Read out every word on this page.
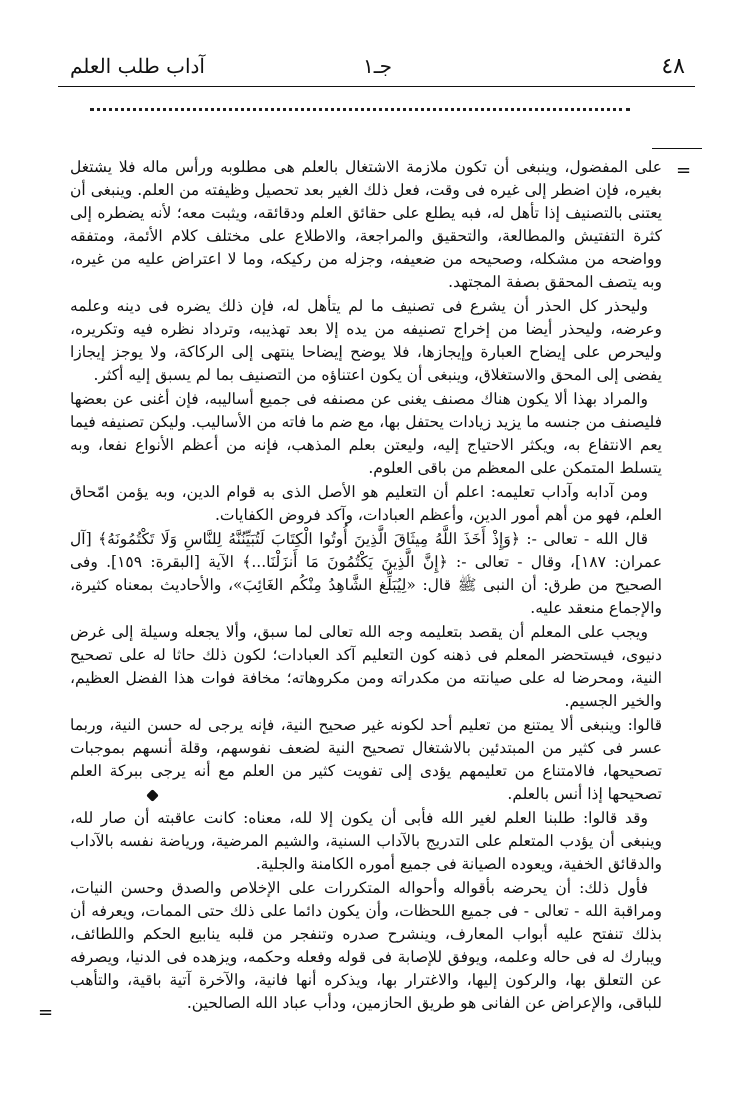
٤٨
جـ١
آداب طلب العلم
=

على المفضول، وينبغى أن تكون ملازمة الاشتغال بالعلم هى مطلوبه ورأس ماله فلا يشتغل بغيره، فإن اضطر إلى غيره فى وقت، فعل ذلك الغير بعد تحصيل وظيفته من العلم. وينبغى أن يعتنى بالتصنيف إذا تأهل له، فبه يطلع على حقائق العلم ودقائقه، ويثبت معه؛ لأنه يضطره إلى كثرة التفتيش والمطالعة، والتحقيق والمراجعة، والاطلاع على مختلف كلام الأئمة، ومتفقه وواضحه من مشكله، وصحيحه من ضعيفه، وجزله من ركيكه، وما لا اعتراض عليه من غيره، وبه يتصف المحقق بصفة المجتهد.

وليحذر كل الحذر أن يشرع فى تصنيف ما لم يتأهل له، فإن ذلك يضره فى دينه وعلمه وعرضه، وليحذر أيضا من إخراج تصنيفه من يده إلا بعد تهذيبه، وترداد نظره فيه وتكريره، وليحرص على إيضاح العبارة وإيجازها، فلا يوضح إيضاحا ينتهى إلى الركاكة، ولا يوجز إيجازا يفضى إلى المحق والاستغلاق، وينبغى أن يكون اعتناؤه من التصنيف بما لم يسبق إليه أكثر.

والمراد بهذا ألا يكون هناك مصنف يغنى عن مصنفه فى جميع أساليبه، فإن أغنى عن بعضها فليصنف من جنسه ما يزيد زيادات يحتفل بها، مع ضم ما فاته من الأساليب. وليكن تصنيفه فيما يعم الانتفاع به، ويكثر الاحتياج إليه، وليعتن بعلم المذهب، فإنه من أعظم الأنواع نفعا، وبه يتسلط المتمكن على المعظم من باقى العلوم.

ومن آدابه وآداب تعليمه: اعلم أن التعليم هو الأصل الذى به قوام الدين، وبه يؤمن امّحاق العلم، فهو من أهم أمور الدين، وأعظم العبادات، وآكد فروض الكفايات.

قال الله - تعالى -: ﴿وَإِذْ أَخَذَ اللَّهُ مِيثَاقَ الَّذِينَ أُوتُوا الْكِتَابَ لَتُبَيِّنُنَّهُ لِلنَّاسِ وَلَا تَكْتُمُونَهُ﴾ [آل عمران: ١٨٧]، وقال - تعالى -: ﴿إِنَّ الَّذِينَ يَكْتُمُونَ مَا أَنزَلْنَا...﴾ الآية [البقرة: ١٥٩]. وفى الصحيح من طرق: أن النبى ﷺ قال: «لِيُبَلِّغ الشَّاهِدُ مِنْكُم الغَائِبَ»، والأحاديث بمعناه كثيرة، والإجماع منعقد عليه.

ويجب على المعلم أن يقصد بتعليمه وجه الله تعالى لما سبق، وألا يجعله وسيلة إلى غرض دنيوى، فيستحضر المعلم فى ذهنه كون التعليم آكد العبادات؛ لكون ذلك حاثا له على تصحيح النية، ومحرضا له على صيانته من مكدراته ومن مكروهاته؛ مخافة فوات هذا الفضل العظيم، والخير الجسيم.

قالوا: وينبغى ألا يمتنع من تعليم أحد لكونه غير صحيح النية، فإنه يرجى له حسن النية، وربما عسر فى كثير من المبتدئين بالاشتغال تصحيح النية لضعف نفوسهم، وقلة أنسهم بموجبات تصحيحها، فالامتناع من تعليمهم يؤدى إلى تفويت كثير من العلم مع أنه يرجى ببركة العلم تصحيحها إذا أنس بالعلم.

وقد قالوا: طلبنا العلم لغير الله فأبى أن يكون إلا لله، معناه: كانت عاقبته أن صار لله، وينبغى أن يؤدب المتعلم على التدريج بالآداب السنية، والشيم المرضية، ورياضة نفسه بالآداب والدقائق الخفية، ويعوده الصيانة فى جميع أموره الكامنة والجلية.

فأول ذلك: أن يحرضه بأقواله وأحواله المتكررات على الإخلاص والصدق وحسن النيات، ومراقبة الله - تعالى - فى جميع اللحظات، وأن يكون دائما على ذلك حتى الممات، ويعرفه أن بذلك تنفتح عليه أبواب المعارف، وينشرح صدره وتنفجر من قلبه ينابيع الحكم واللطائف، ويبارك له فى حاله وعلمه، ويوفق للإصابة فى قوله وفعله وحكمه، ويزهده فى الدنيا، ويصرفه عن التعلق بها، والركون إليها، والاغترار بها، ويذكره أنها فانية، والآخرة آتية باقية، والتأهب للباقى، والإعراض عن الفانى هو طريق الحازمين، ودأب عباد الله الصالحين.

=
